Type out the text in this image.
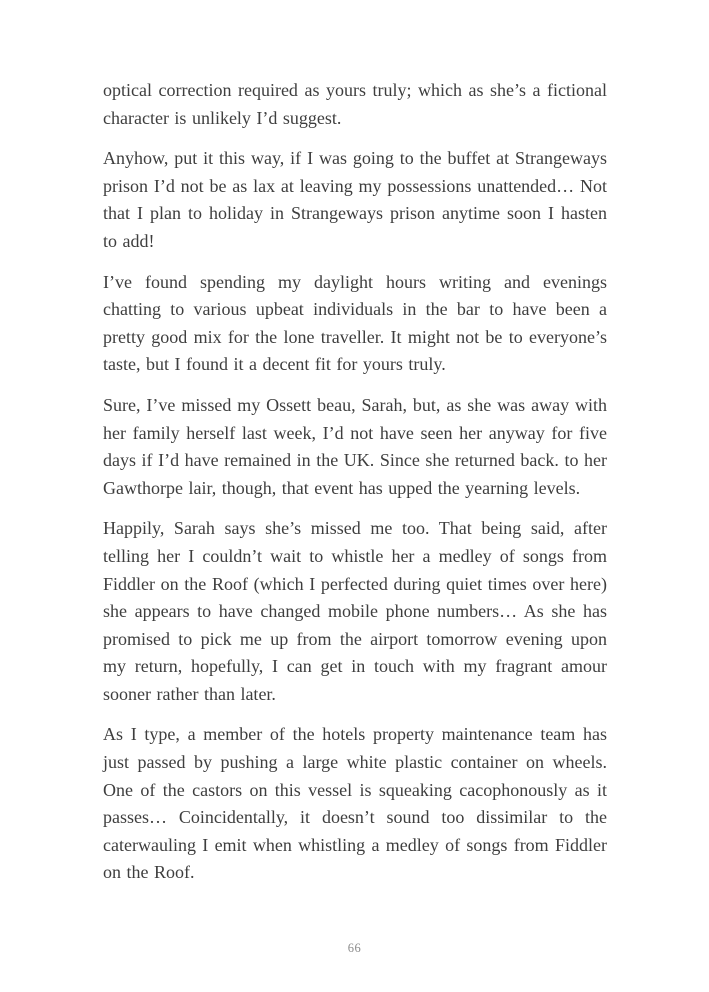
optical correction required as yours truly; which as she’s a fictional character is unlikely I’d suggest.

Anyhow, put it this way, if I was going to the buffet at Strangeways prison I’d not be as lax at leaving my possessions unattended… Not that I plan to holiday in Strangeways prison anytime soon I hasten to add!

I’ve found spending my daylight hours writing and evenings chatting to various upbeat individuals in the bar to have been a pretty good mix for the lone traveller. It might not be to everyone’s taste, but I found it a decent fit for yours truly.

Sure, I’ve missed my Ossett beau, Sarah, but, as she was away with her family herself last week, I’d not have seen her anyway for five days if I’d have remained in the UK. Since she returned back. to her Gawthorpe lair, though, that event has upped the yearning levels.

Happily, Sarah says she’s missed me too. That being said, after telling her I couldn’t wait to whistle her a medley of songs from Fiddler on the Roof (which I perfected during quiet times over here) she appears to have changed mobile phone numbers… As she has promised to pick me up from the airport tomorrow evening upon my return, hopefully, I can get in touch with my fragrant amour sooner rather than later.

As I type, a member of the hotels property maintenance team has just passed by pushing a large white plastic container on wheels. One of the castors on this vessel is squeaking cacophonously as it passes… Coincidentally, it doesn’t sound too dissimilar to the caterwauling I emit when whistling a medley of songs from Fiddler on the Roof.

66
